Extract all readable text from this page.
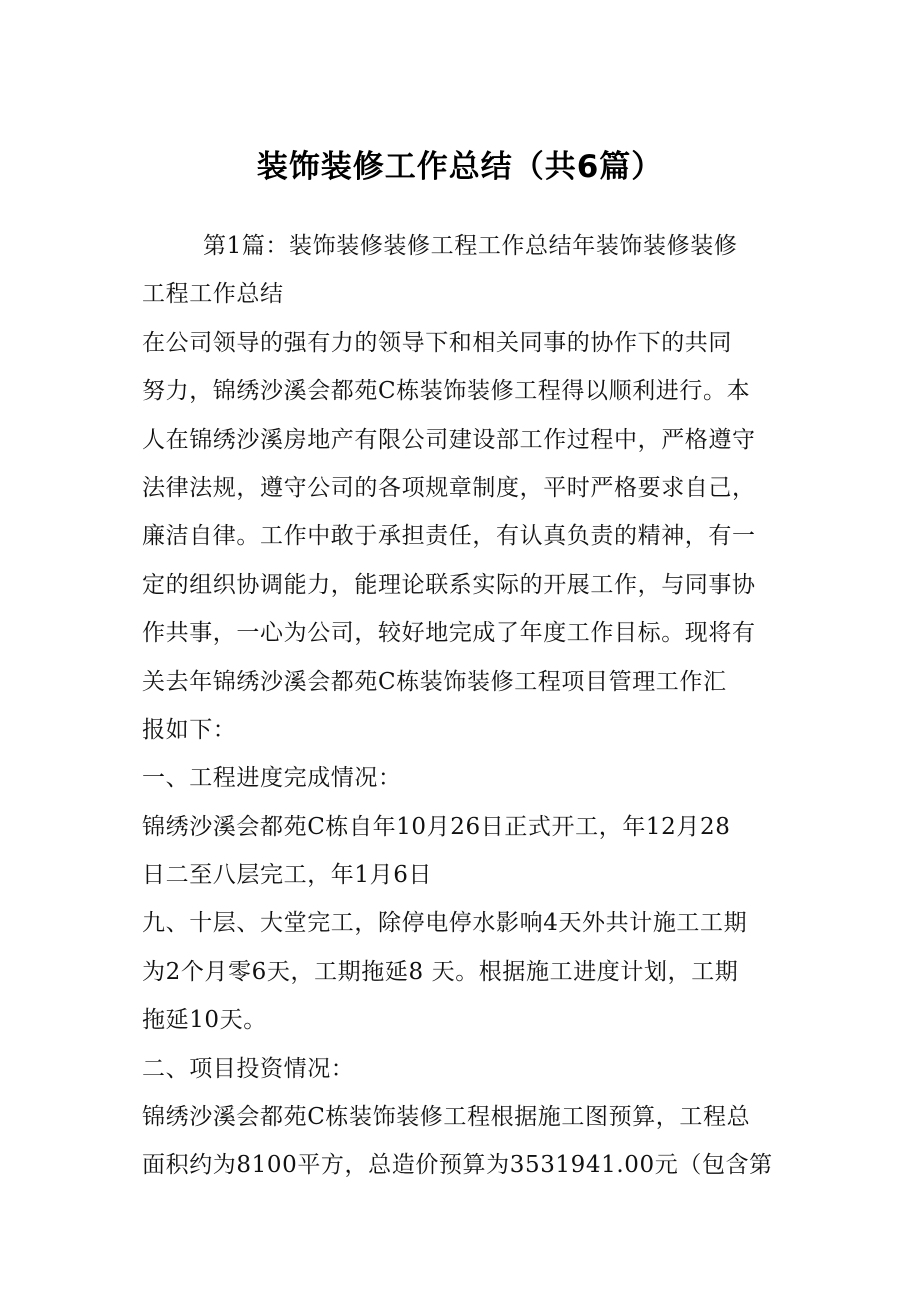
装饰装修工作总结（共6篇）
第1篇：装饰装修装修工程工作总结年装饰装修装修
工程工作总结
在公司领导的强有力的领导下和相关同事的协作下的共同
努力，锦绣沙溪会都苑C栋装饰装修工程得以顺利进行。本
人在锦绣沙溪房地产有限公司建设部工作过程中，严格遵守
法律法规，遵守公司的各项规章制度，平时严格要求自己，
廉洁自律。工作中敢于承担责任，有认真负责的精神，有一
定的组织协调能力，能理论联系实际的开展工作，与同事协
作共事，一心为公司，较好地完成了年度工作目标。现将有
关去年锦绣沙溪会都苑C栋装饰装修工程项目管理工作汇
报如下：
一、工程进度完成情况：
锦绣沙溪会都苑C栋自年10月26日正式开工，年12月28
日二至八层完工，年1月6日
九、十层、大堂完工，除停电停水影响4天外共计施工工期
为2个月零6天，工期拖延8 天。根据施工进度计划，工期
拖延10天。
二、项目投资情况：
锦绣沙溪会都苑C栋装饰装修工程根据施工图预算，工程总
面积约为8100平方，总造价预算为3531941.00元（包含第
